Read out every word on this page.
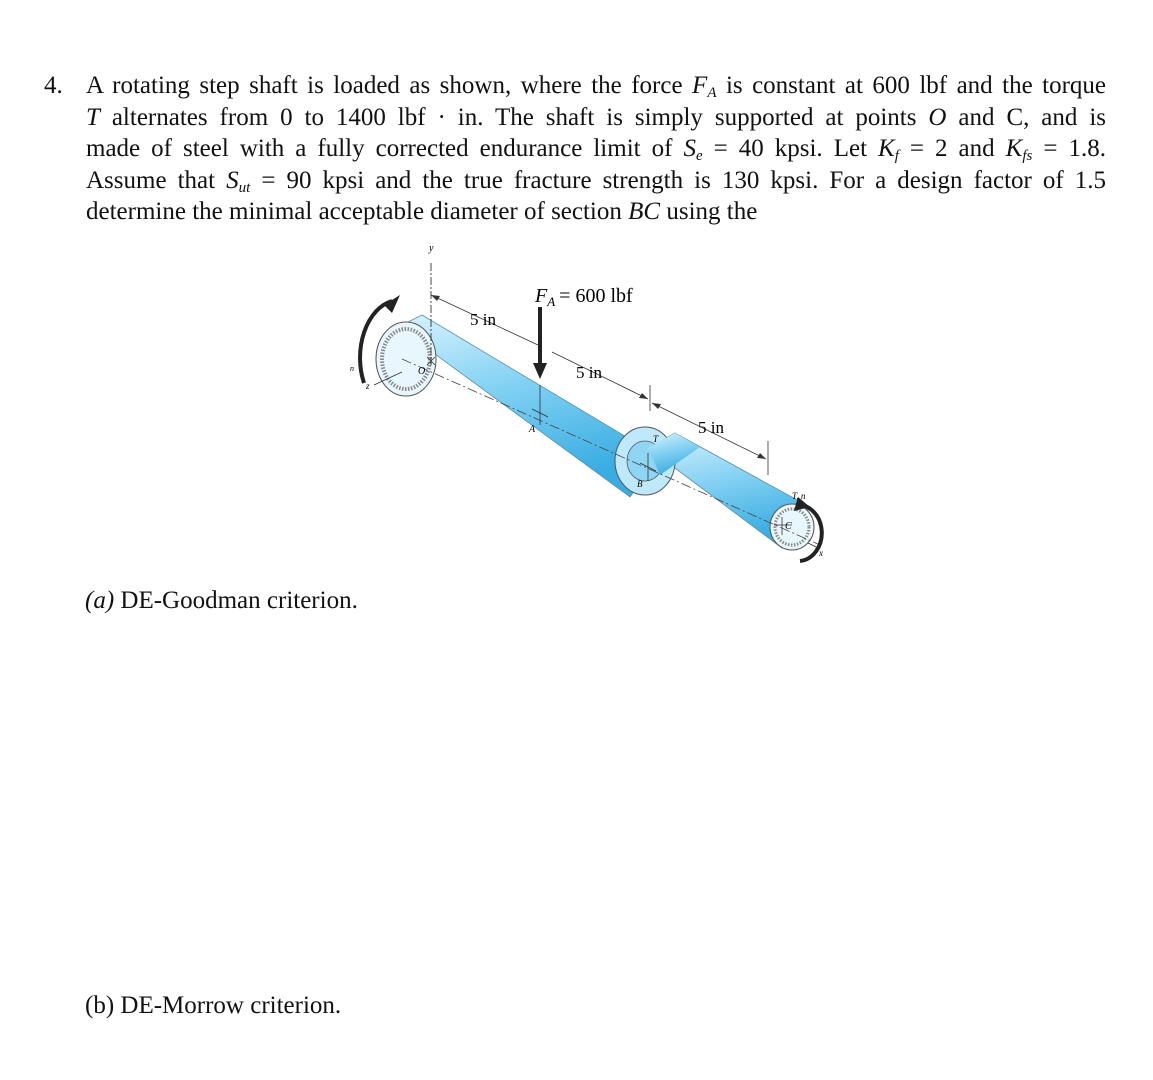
4. A rotating step shaft is loaded as shown, where the force $F_A$ is constant at 600 lbf and the torque
T alternates from 0 to 1400 lbf · in. The shaft is simply supported at points O and C, and is
made of steel with a fully corrected endurance limit of $S_e = 40$ kpsi. Let $K_f = 2$ and $K_{fs} = 1.8$.
Assume that $S_{ut} = 90$ kpsi and the true fracture strength is 130 kpsi. For a design factor of 1.5
determine the minimal acceptable diameter of section BC using the
y
O
z
n
5 in
$F_A = 600$ lbf
A
5 in
5 in
B
T
C
T, n
x
(a) DE-Goodman criterion.
(b) DE-Morrow criterion.
